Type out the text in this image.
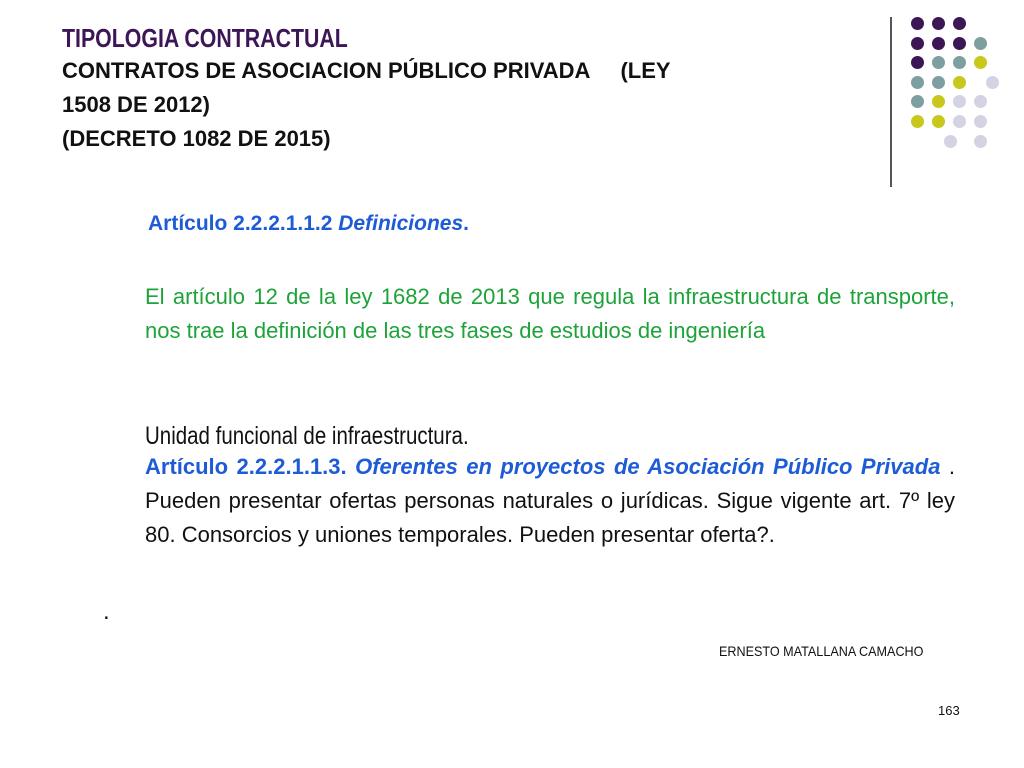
TIPOLOGIA CONTRACTUAL
CONTRATOS DE ASOCIACION PÚBLICO PRIVADA (LEY
1508 DE 2012)
(DECRETO 1082 DE 2015)
Artículo 2.2.2.1.1.2 Definiciones.
El artículo 12 de la ley 1682 de 2013 que regula la infraestructura de transporte, nos trae la definición de las tres fases de estudios de ingeniería
Unidad funcional de infraestructura.
Artículo 2.2.2.1.1.3. Oferentes en proyectos de Asociación Público Privada . Pueden presentar ofertas personas naturales o jurídicas. Sigue vigente art. 7º ley 80. Consorcios y uniones temporales. Pueden presentar oferta?.
.
ERNESTO MATALLANA CAMACHO
163
